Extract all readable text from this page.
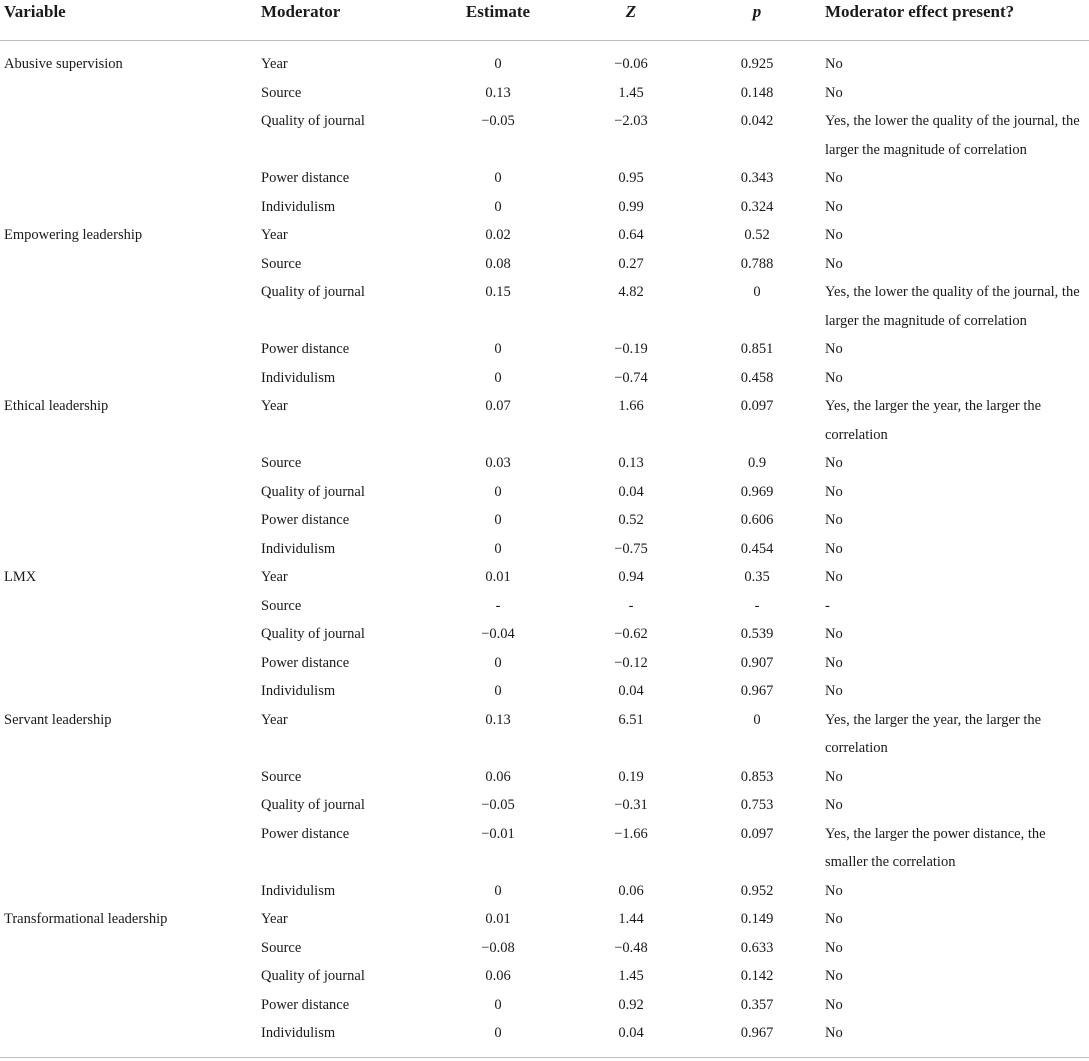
Variable	Moderator	Estimate	Z	p	Moderator effect present?
Abusive supervision	Year	0	−0.06	0.925	No
	Source	0.13	1.45	0.148	No
	Quality of journal	−0.05	−2.03	0.042	Yes, the lower the quality of the journal, the larger the magnitude of correlation
	Power distance	0	0.95	0.343	No
	Individulism	0	0.99	0.324	No
Empowering leadership	Year	0.02	0.64	0.52	No
	Source	0.08	0.27	0.788	No
	Quality of journal	0.15	4.82	0	Yes, the lower the quality of the journal, the larger the magnitude of correlation
	Power distance	0	−0.19	0.851	No
	Individulism	0	−0.74	0.458	No
Ethical leadership	Year	0.07	1.66	0.097	Yes, the larger the year, the larger the correlation
	Source	0.03	0.13	0.9	No
	Quality of journal	0	0.04	0.969	No
	Power distance	0	0.52	0.606	No
	Individulism	0	−0.75	0.454	No
LMX	Year	0.01	0.94	0.35	No
	Source	-	-	-	-
	Quality of journal	−0.04	−0.62	0.539	No
	Power distance	0	−0.12	0.907	No
	Individulism	0	0.04	0.967	No
Servant leadership	Year	0.13	6.51	0	Yes, the larger the year, the larger the correlation
	Source	0.06	0.19	0.853	No
	Quality of journal	−0.05	−0.31	0.753	No
	Power distance	−0.01	−1.66	0.097	Yes, the larger the power distance, the smaller the correlation
	Individulism	0	0.06	0.952	No
Transformational leadership	Year	0.01	1.44	0.149	No
	Source	−0.08	−0.48	0.633	No
	Quality of journal	0.06	1.45	0.142	No
	Power distance	0	0.92	0.357	No
	Individulism	0	0.04	0.967	No
